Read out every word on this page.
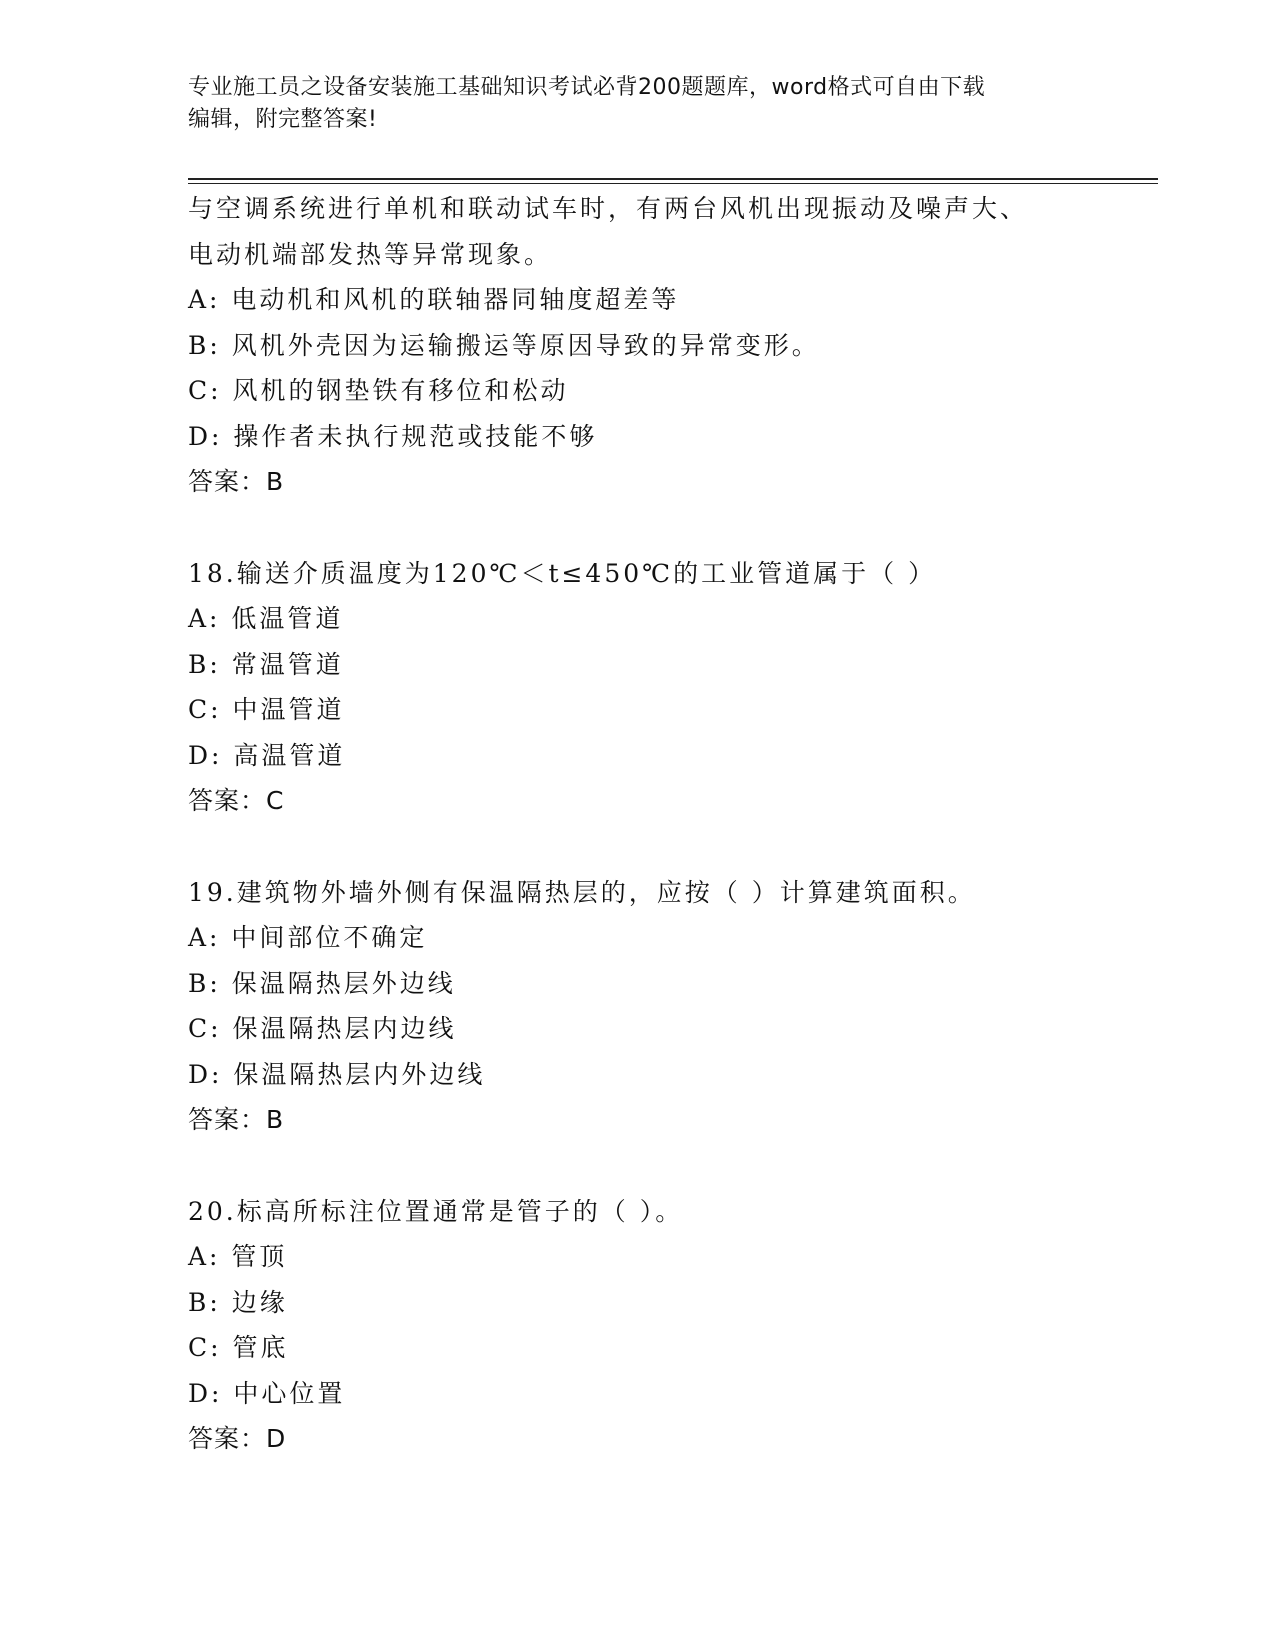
专业施工员之设备安装施工基础知识考试必背200题题库，word格式可自由下载
编辑，附完整答案!
与空调系统进行单机和联动试车时，有两台风机出现振动及噪声大、
电动机端部发热等异常现象。
A: 电动机和风机的联轴器同轴度超差等
B: 风机外壳因为运输搬运等原因导致的异常变形。
C: 风机的钢垫铁有移位和松动
D: 操作者未执行规范或技能不够
答案：B
18.输送介质温度为120℃＜t≤450℃的工业管道属于（ ）
A: 低温管道
B: 常温管道
C: 中温管道
D: 高温管道
答案：C
19.建筑物外墙外侧有保温隔热层的，应按（ ）计算建筑面积。
A: 中间部位不确定
B: 保温隔热层外边线
C: 保温隔热层内边线
D: 保温隔热层内外边线
答案：B
20.标高所标注位置通常是管子的（ ）。
A: 管顶
B: 边缘
C: 管底
D: 中心位置
答案：D
